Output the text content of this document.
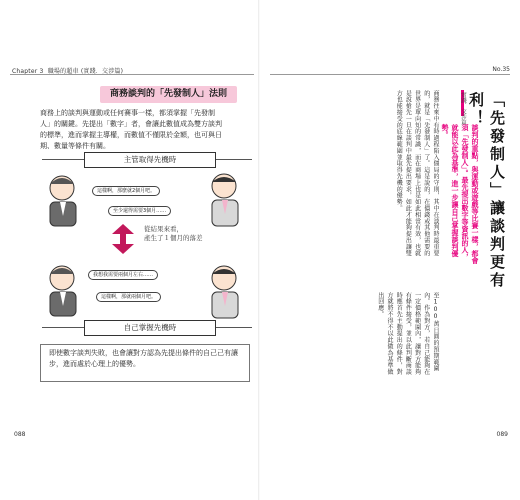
Chapter 3 職場的超車 (實踐．交涉篇)
商務談判的「先發制人」法則
商務上的談判與運動或任何賽事一樣，都須掌握「先發制人」的關鍵。先提出「數字」者，會讓此數值成為雙方談判的標準，進而掌握主導權，而數值不僅限於金額，也可與日期、數量等條件有關。
主管取得先機時
這樣啊，那麼就2個月吧。
至少還得需要3個月……
從結果來看，
產生了１個月的落差
我想我需要兩個月左右……
這樣啊，那就兩個月吧。
自己掌握先機時
即使數字談判失敗，也會讓對方認為先提出條件的自己己有讓步，進而處於心理上的優勢。
088
No.35
「先發制人」讓談判更有利！
實踐．交涉篇
談判的重點，與運動或遊戲等比賽一樣，都會須「先發制人」。最先提出數字等資訊的人，就能以此為基準，進一步讓自己掌握談判優勢。
商務往來中有時過程陷入僵局的守則，其中在談判時最重要的，就是「先發制人」了。這是說的，在價錢或其他需要的世界是單向知的常識，而在商場上也是如此相當有效，也就是說搶先一旦在談判中最先提出要求，如此才能夠提出讓雙方也能接受的底線範圍並取得先機的優勢。
至100萬日圓的預期範圍內。作為對方，若自己能夠在一定價格範圍內，讓對方能夠有條件接受，並以此判斷商談時應首先主動提出的條件，對方就將不得不以此做為基準做出回應。
089
